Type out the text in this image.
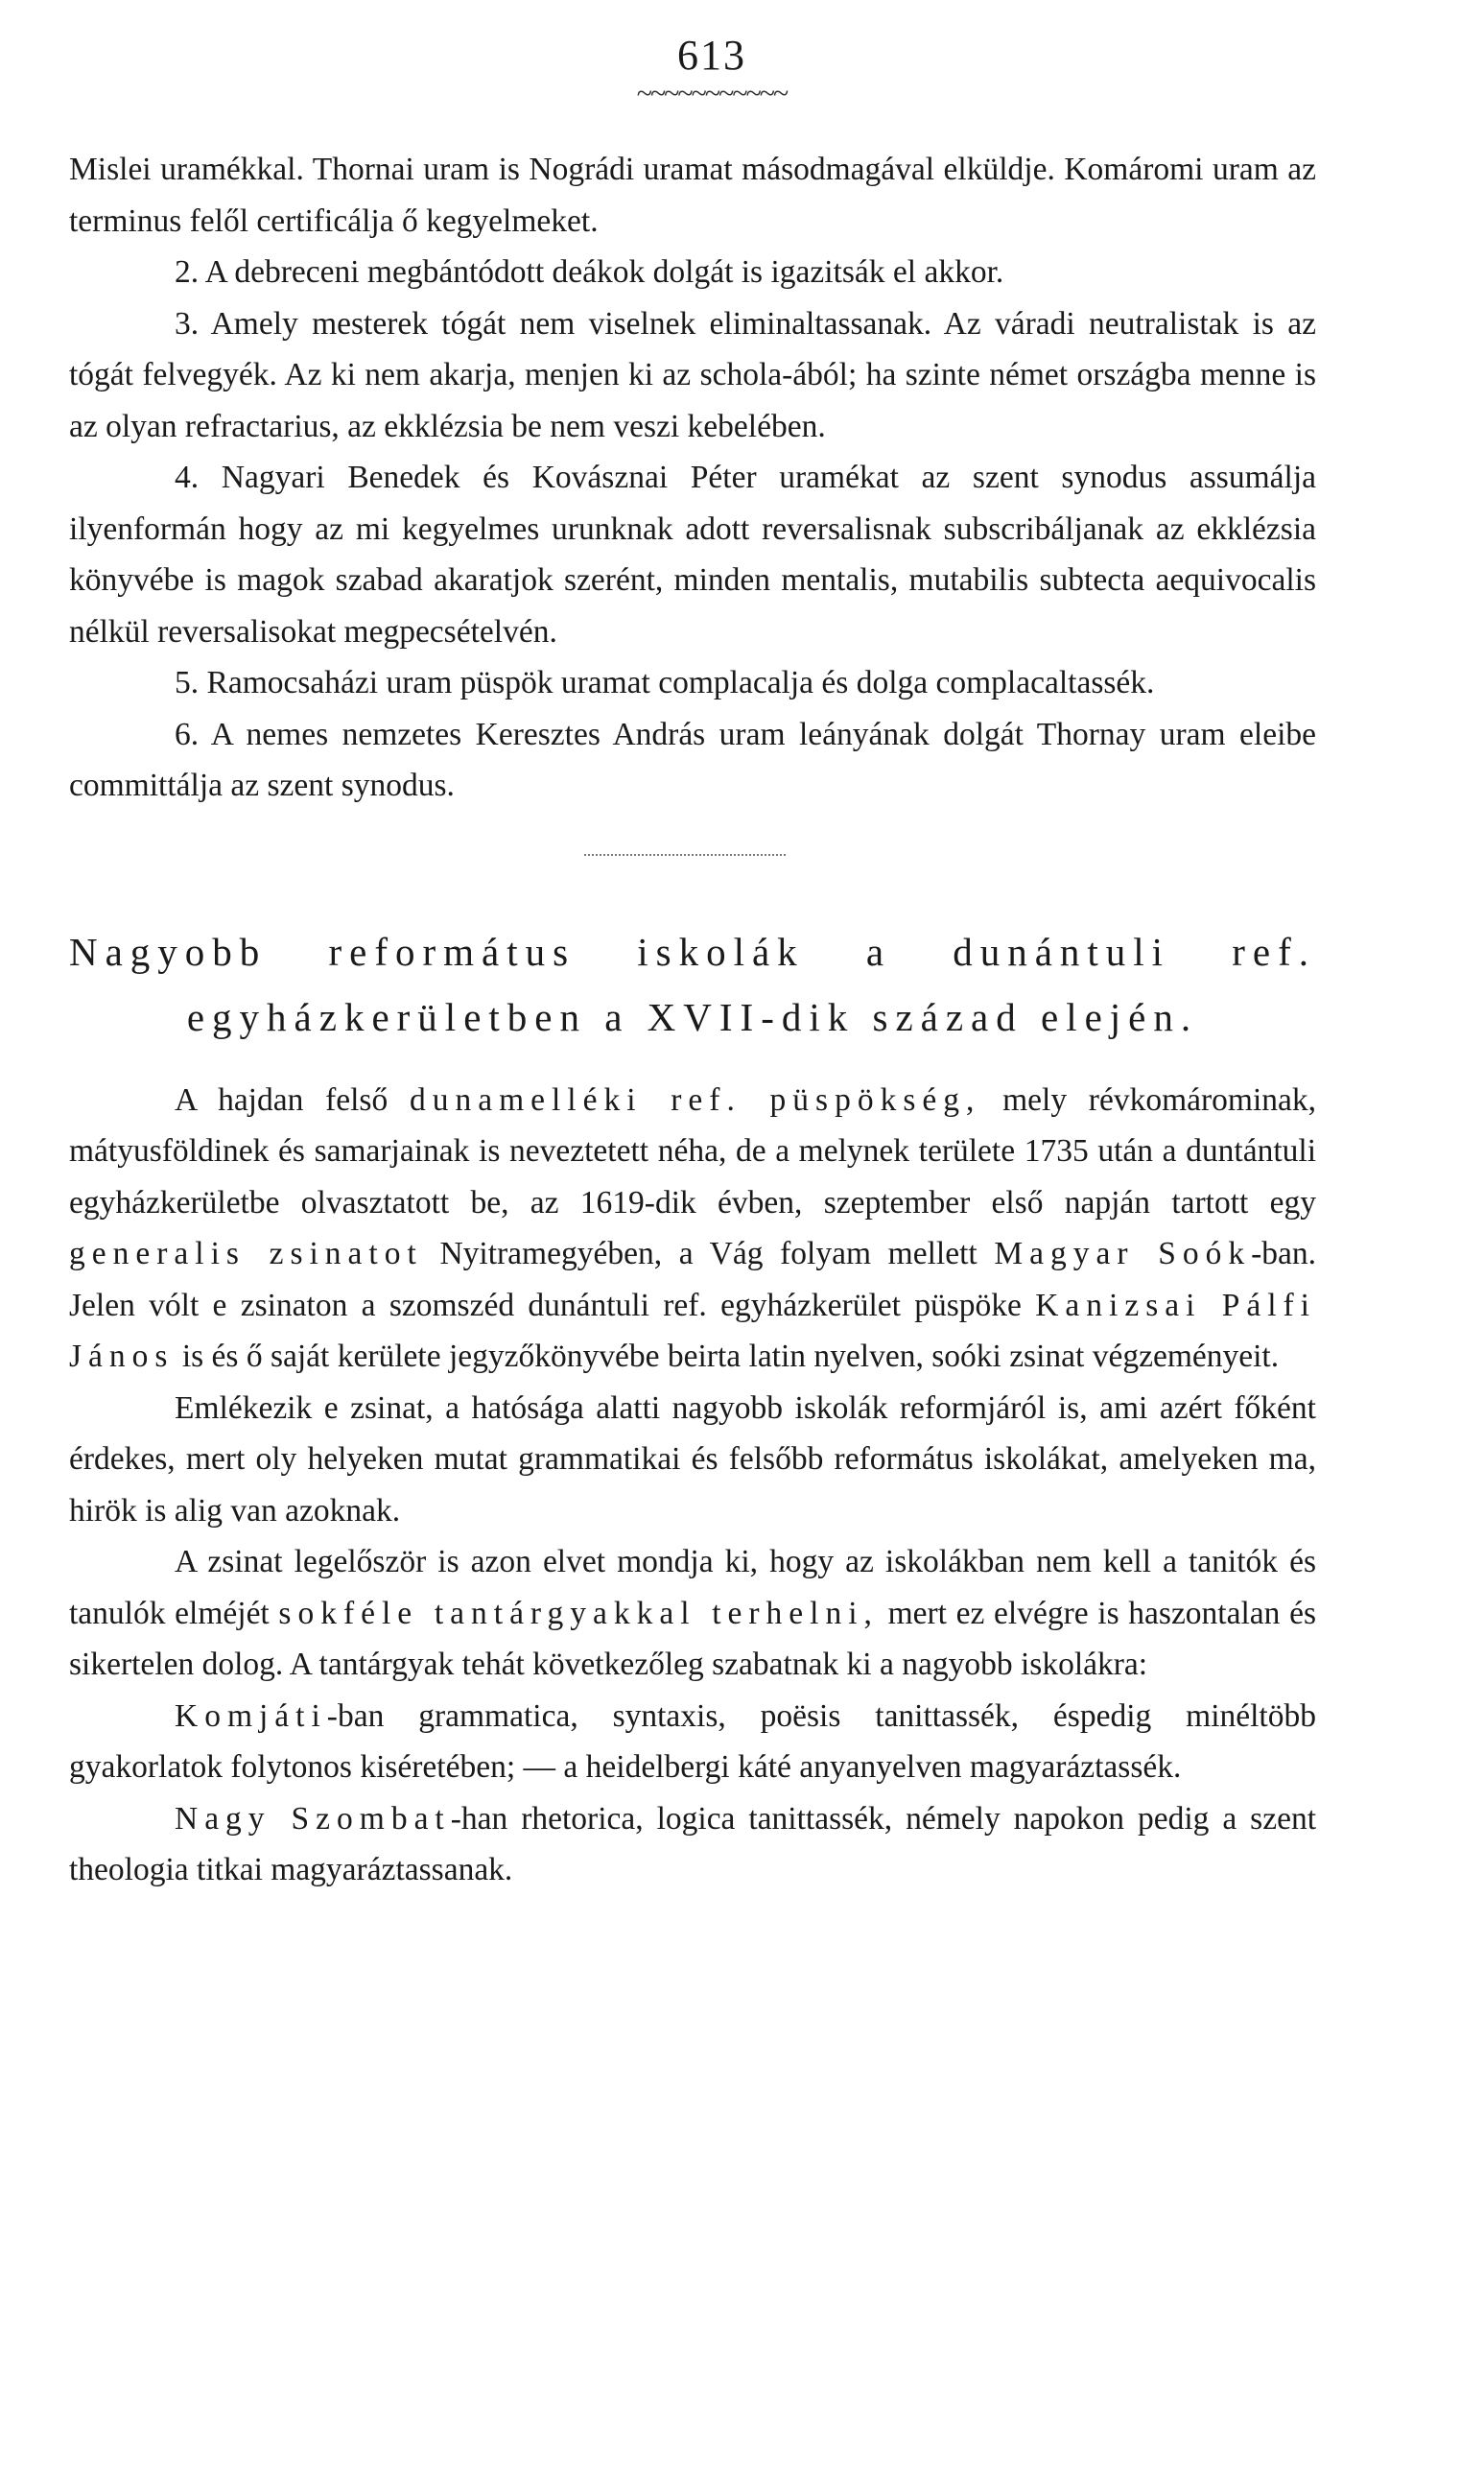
613
~~~~~~~~~~~

Mislei uramékkal. Thornai uram is Nográdi uramat másodmagával elküldje. Komáromi uram az terminus felől certificálja ő kegyelmeket.

2. A debreceni megbántódott deákok dolgát is igazitsák el akkor.

3. Amely mesterek tógát nem viselnek eliminaltassanak. Az váradi neutralistak is az tógát felvegyék. Az ki nem akarja, menjen ki az schola-ából; ha szinte német országba menne is az olyan refractarius, az ekklézsia be nem veszi kebelében.

4. Nagyari Benedek és Kovásznai Péter uramékat az szent synodus assumálja ilyenformán hogy az mi kegyelmes urunknak adott reversalisnak subscribáljanak az ekklézsia könyvébe is magok szabad akaratjok szerént, minden mentalis, mutabilis subtecta aequivocalis nélkül reversalisokat megpecsételvén.

5. Ramocsaházi uram püspök uramat complacalja és dolga complacaltassék.

6. A nemes nemzetes Keresztes András uram leányának dolgát Thornay uram eleibe committálja az szent synodus.

Nagyobb református iskolák a dunántuli ref. egyházkerületben a XVII-dik század elején.

A hajdan felső dunamelléki ref. püspökség, mely révkomárominak, mátyusföldinek és samarjainak is neveztetett néha, de a melynek területe 1735 után a duntántuli egyházkerületbe olvasztatott be, az 1619-dik évben, szeptember első napján tartott egy generalis zsinatot Nyitramegyében, a Vág folyam mellett Magyar Soók-ban. Jelen vólt e zsinaton a szomszéd dunántuli ref. egyházkerület püspöke Kanizsai Pálfi János is és ő saját kerülete jegyzőkönyvébe beirta latin nyelven, soóki zsinat végzeményeit.

Emlékezik e zsinat, a hatósága alatti nagyobb iskolák reformjáról is, ami azért főként érdekes, mert oly helyeken mutat grammatikai és felsőbb református iskolákat, amelyeken ma, hirök is alig van azoknak.

A zsinat legelőször is azon elvet mondja ki, hogy az iskolákban nem kell a tanitók és tanulók elméjét sokféle tantárgyakkal terhelni, mert ez elvégre is haszontalan és sikertelen dolog. A tantárgyak tehát következőleg szabatnak ki a nagyobb iskolákra:

Komjáti-ban grammatica, syntaxis, poësis tanittassék, éspedig minéltöbb gyakorlatok folytonos kiséretében; — a heidelbergi káté anyanyelven magyaráztassék.

Nagy Szombat-han rhetorica, logica tanittassék, némely napokon pedig a szent theologia titkai magyaráztassanak.
